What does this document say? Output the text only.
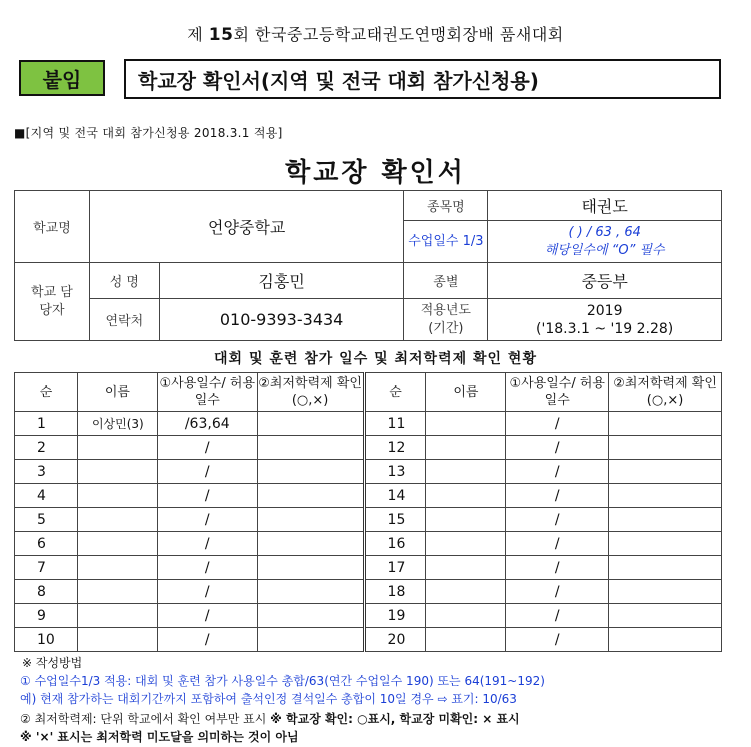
제 15회 한국중고등학교태권도연맹회장배 품새대회
붙임	학교장 확인서(지역 및 전국 대회 참가신청용)
■[지역 및 전국 대회 참가신청용 2018.3.1 적용]
학교장 확인서
학교명	언양중학교		종목명	태권도
			수업일수 1/3	( ) / 63 , 64
해당일수에 “O” 필수

학교 담당자	성 명	김홍민	종별	중등부
	연락처	010-9393-3434	적용년도 (기간)	2019
('18.3.1 ~ '19 2.28)
대회 및 훈련 참가 일수 및 최저학력제 확인 현황
순	이름	①사용일수/ 허용일수	②최저학력제 확인(○,×)	순	이름	①사용일수/ 허용일수	②최저학력제 확인(○,×)
1	이상민(3)	/63,64		11		/	
2		/		12		/	
3		/		13		/	
4		/		14		/	
5		/		15		/	
6		/		16		/	
7		/		17		/	
8		/		18		/	
9		/		19		/	
10		/		20		/	
※ 작성방법
① 수업일수1/3 적용: 대회 및 훈련 참가 사용일수 총합/63(연간 수업일수 190) 또는 64(191~192)
예) 현재 참가하는 대회기간까지 포함하여 출석인정 결석일수 총합이 10일 경우 ⇨ 표기: 10/63
② 최저학력제: 단위 학교에서 확인 여부만 표시 ※ 학교장 확인: ○표시, 학교장 미확인: × 표시
※ '×' 표시는 최저학력 미도달을 의미하는 것이 아님
